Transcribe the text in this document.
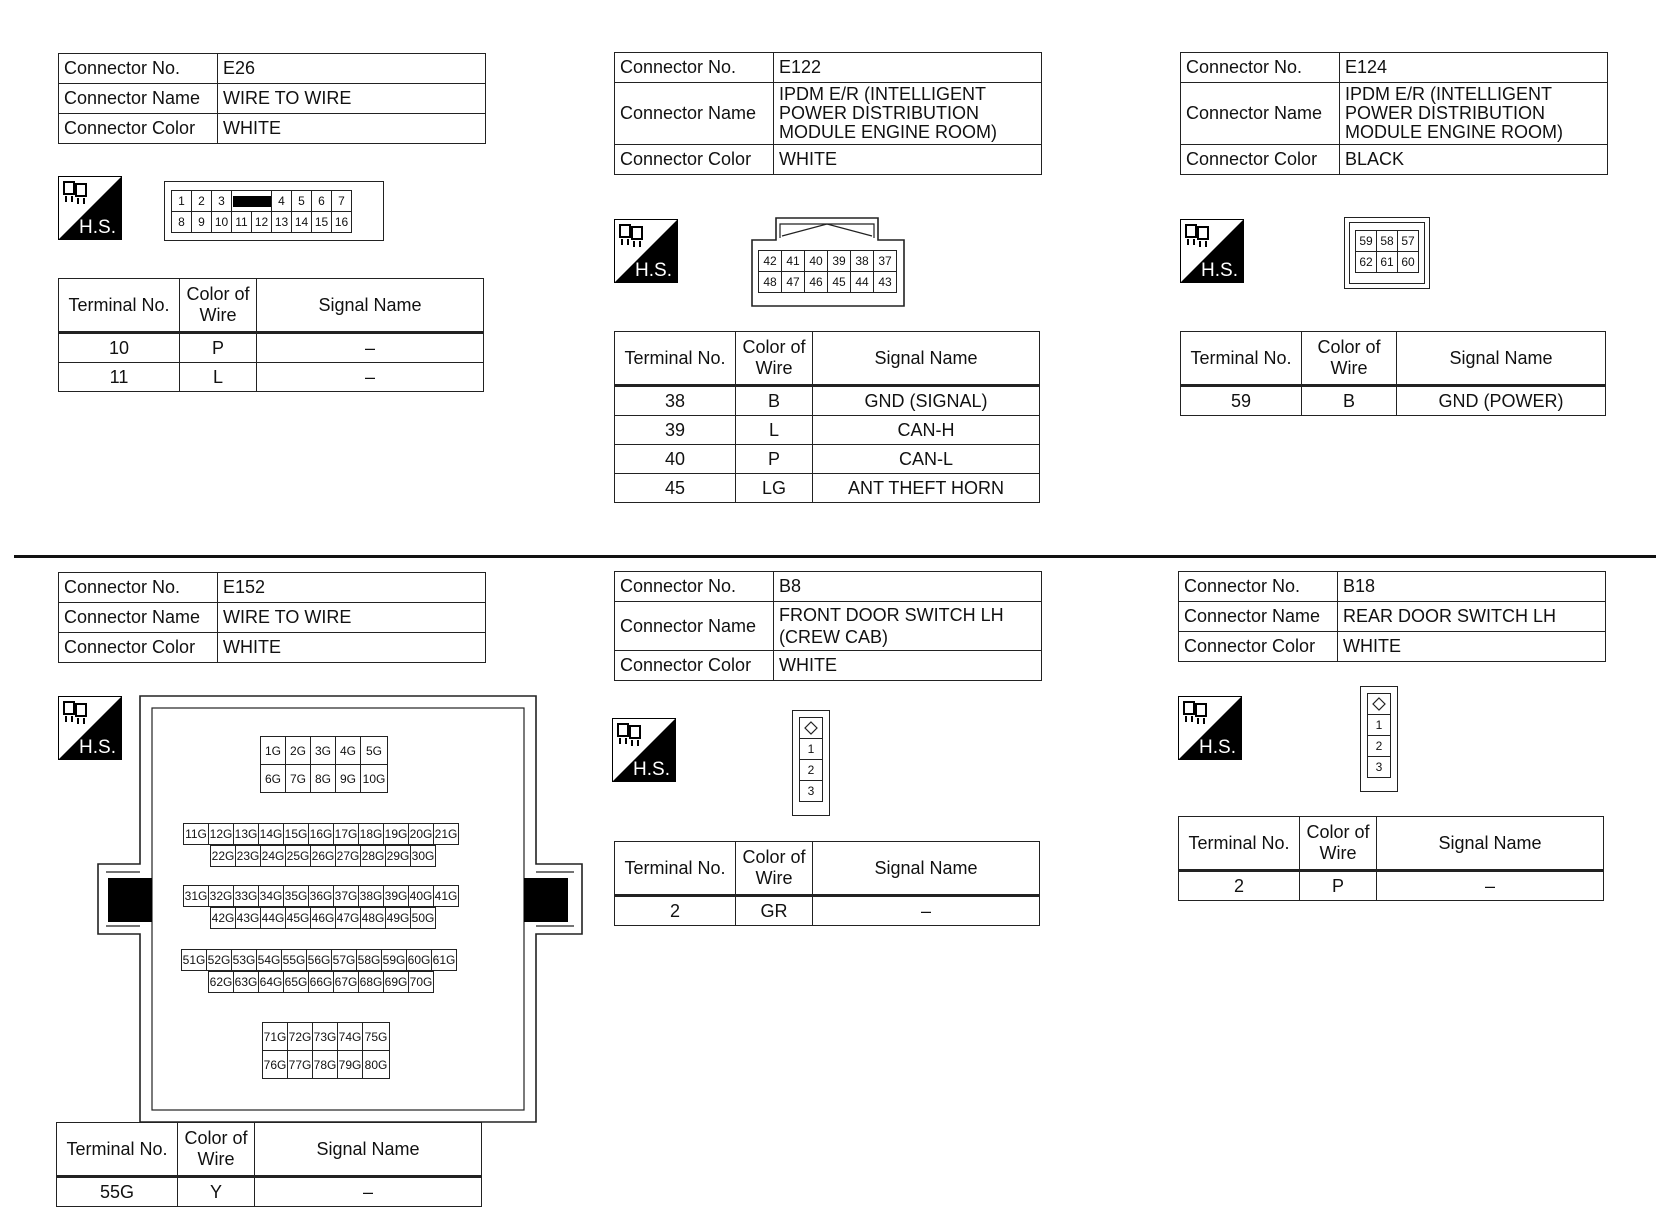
Connector No.	E26
Connector Name	WIRE TO WIRE
Connector Color	WHITE
H.S.
1	2	3			4	5	6	7
8	9	10	11	12	13	14	15	16
Terminal No.	Color of Wire	Signal Name
10	P	–
11	L	–
Connector No.	E122
Connector Name	IPDM E/R (INTELLIGENT POWER DISTRIBUTION MODULE ENGINE ROOM)
Connector Color	WHITE
H.S.	42	41	40	39	38	37
48	47	46	45	44	43
Terminal No.	Color of Wire	Signal Name
38	B	GND (SIGNAL)
39	L	CAN-H
40	P	CAN-L
45	LG	ANT THEFT HORN
Connector No.	E124
Connector Name	IPDM E/R (INTELLIGENT POWER DISTRIBUTION MODULE ENGINE ROOM)
Connector Color	BLACK
H.S.
59	58	57
62	61	60
Terminal No.	Color of Wire	Signal Name
59	B	GND (POWER)
Connector No.	E152
Connector Name	WIRE TO WIRE
Connector Color	WHITE
H.S.	1G	2G	3G	4G	5G
6G	7G	8G	9G	10G
11G	12G	13G	14G	15G	16G	17G	18G	19G	20G	21G
22G	23G	24G	25G	26G	27G	28G	29G	30G
31G	32G	33G	34G	35G	36G	37G	38G	39G	40G	41G
42G	43G	44G	45G	46G	47G	48G	49G	50G
51G	52G	53G	54G	55G	56G	57G	58G	59G	60G	61G
62G	63G	64G	65G	66G	67G	68G	69G	70G
71G	72G	73G	74G	75G
76G	77G	78G	79G	80G
Terminal No.	Color of Wire	Signal Name
55G	Y	–
Connector No.	B8
Connector Name	FRONT DOOR SWITCH LH (CREW CAB)
Connector Color	WHITE
H.S.

1
2
3
Terminal No.	Color of Wire	Signal Name
2	GR	–
Connector No.	B18
Connector Name	REAR DOOR SWITCH LH
Connector Color	WHITE
H.S.

1
2
3
Terminal No.	Color of Wire	Signal Name
2	P	–
